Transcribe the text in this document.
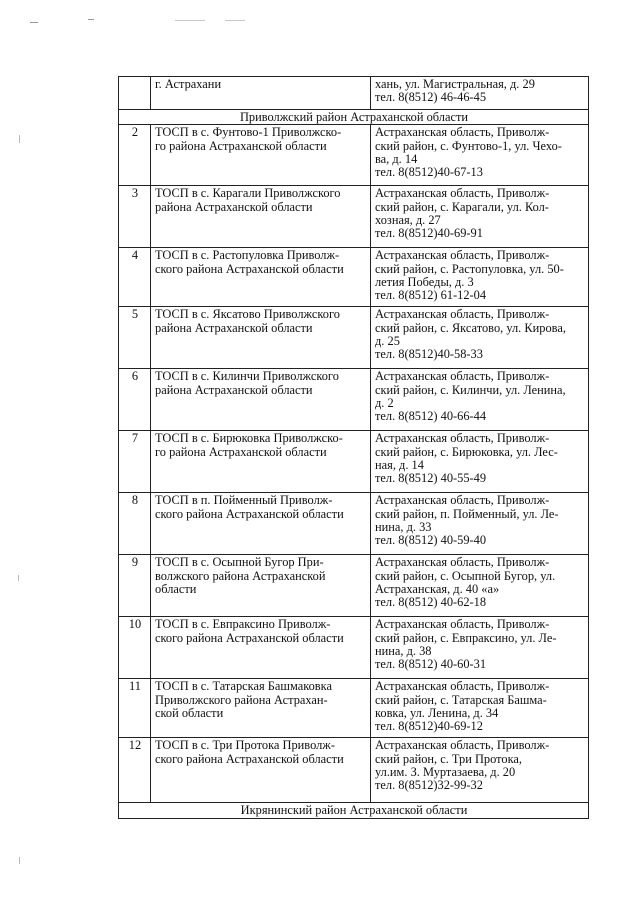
	г. Астрахани	хань, ул. Магистральная, д. 29
тел. 8(8512) 46-46-45
Приволжский район Астраханской области		
2	ТОСП в с. Фунтово-1 Приволжско-
го района Астраханской области	Астраханская область, Приволж-
ский район, с. Фунтово-1, ул. Чехо-
ва, д. 14
тел. 8(8512)40-67-13
3	ТОСП в с. Карагали Приволжского
района Астраханской области	Астраханская область, Приволж-
ский район, с. Карагали, ул. Кол-
хозная, д. 27
тел. 8(8512)40-69-91
4	ТОСП в с. Растопуловка Приволж-
ского района Астраханской области	Астраханская область, Приволж-
ский район, с. Растопуловка, ул. 50-
летия Победы, д. 3
тел. 8(8512) 61-12-04
5	ТОСП в с. Яксатово Приволжского
района Астраханской области	Астраханская область, Приволж-
ский район, с. Яксатово, ул. Кирова,
д. 25
тел. 8(8512)40-58-33
6	ТОСП в с. Килинчи Приволжского
района Астраханской области	Астраханская область, Приволж-
ский район, с. Килинчи, ул. Ленина,
д. 2
тел. 8(8512) 40-66-44
7	ТОСП в с. Бирюковка Приволжско-
го района Астраханской области	Астраханская область, Приволж-
ский район, с. Бирюковка, ул. Лес-
ная, д. 14
тел. 8(8512) 40-55-49
8	ТОСП в п. Пойменный Приволж-
ского района Астраханской области	Астраханская область, Приволж-
ский район, п. Пойменный, ул. Ле-
нина, д. 33
тел. 8(8512) 40-59-40
9	ТОСП в с. Осыпной Бугор При-
волжского района Астраханской
области	Астраханская область, Приволж-
ский район, с. Осыпной Бугор, ул.
Астраханская, д. 40 «а»
тел. 8(8512) 40-62-18
10	ТОСП в с. Евпраксино Приволж-
ского района Астраханской области	Астраханская область, Приволж-
ский район, с. Евпраксино, ул. Ле-
нина, д. 38
тел. 8(8512) 40-60-31
11	ТОСП в с. Татарская Башмаковка
Приволжского района Астрахан-
ской области	Астраханская область, Приволж-
ский район, с. Татарская Башма-
ковка, ул. Ленина, д. 34
тел. 8(8512)40-69-12
12	ТОСП в с. Три Протока Приволж-
ского района Астраханской области	Астраханская область, Приволж-
ский район, с. Три Протока,
ул.им. З. Муртазаева, д. 20
тел. 8(8512)32-99-32
Икрянинский район Астраханской области		
